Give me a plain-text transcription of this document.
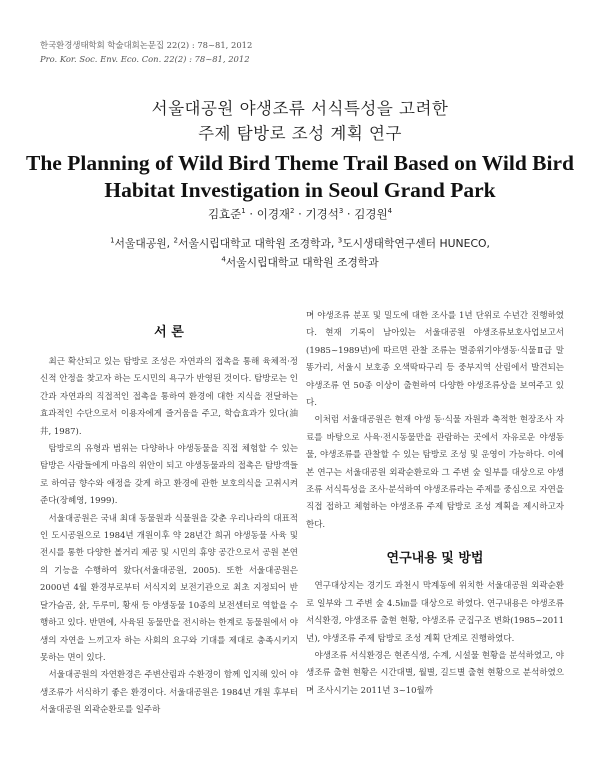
한국환경생태학회 학술대회논문집 22(2) : 78~81, 2012
Pro. Kor. Soc. Env. Eco. Con. 22(2) : 78~81, 2012
서울대공원 야생조류 서식특성을 고려한
주제 탐방로 조성 계획 연구
The Planning of Wild Bird Theme Trail Based on Wild Bird
Habitat Investigation in Seoul Grand Park
김효준$^1$ · 이경재$^2$ · 기경석$^3$ · 김경원$^4$
$^1$서울대공원, $^2$서울시립대학교 대학원 조경학과, $^3$도시생태학연구센터 HUNECO,
$^4$서울시립대학교 대학원 조경학과
서 론

최근 확산되고 있는 탐방로 조성은 자연과의 접촉을 통해 육체적·정신적 안정을 찾고자 하는 도시민의 욕구가 반영된 것이다. 탐방로는 인간과 자연과의 직접적인 접촉을 통하여 환경에 대한 지식을 전달하는 효과적인 수단으로서 이용자에게 즐거움을 주고, 학습효과가 있다(油井, 1987).

탐방로의 유형과 범위는 다양하나 야생동물을 직접 체험할 수 있는 탐방은 사람들에게 마음의 위안이 되고 야생동물과의 접촉은 탐방객들로 하여금 향수와 애정을 갖게 하고 환경에 관한 보호의식을 고취시켜 준다(장혜영, 1999).

서울대공원은 국내 최대 동물원과 식물원을 갖춘 우리나라의 대표적인 도시공원으로 1984년 개원이후 약 28년간 희귀 야생동물 사육 및 전시를 통한 다양한 볼거리 제공 및 시민의 휴양 공간으로서 공원 본연의 기능을 수행하여 왔다(서울대공원, 2005). 또한 서울대공원은 2000년 4월 환경부로부터 서식지외 보전기관으로 최초 지정되어 반달가슴곰, 삵, 두루미, 황새 등 야생동물 10종의 보전센터로 역할을 수행하고 있다. 반면에, 사육된 동물만을 전시하는 한계로 동물원에서 야생의 자연을 느끼고자 하는 사회의 요구와 기대를 제대로 충족시키지 못하는 면이 있다.

서울대공원의 자연환경은 주변산림과 수환경이 함께 입지해 있어 야생조류가 서식하기 좋은 환경이다. 서울대공원은 1984년 개원 후부터 서울대공원 외곽순환로를 일주하

며 야생조류 분포 및 밀도에 대한 조사를 1년 단위로 수년간 진행하였다. 현재 기록이 남아있는 서울대공원 야생조류보호사업보고서(1985~1989년)에 따르면 관찰 조류는 멸종위기야생동·식물Ⅱ급 말똥가리, 서울시 보호종 오색딱따구리 등 중부지역 산림에서 발견되는 야생조류 연 50종 이상이 출현하여 다양한 야생조류상을 보여주고 있다.

이처럼 서울대공원은 현재 야생 동·식물 자원과 축적한 현장조사 자료를 바탕으로 사육·전시동물만을 관람하는 곳에서 자유로운 야생동물, 야생조류를 관찰할 수 있는 탐방로 조성 및 운영이 가능하다. 이에 본 연구는 서울대공원 외곽순환로와 그 주변 숲 일부를 대상으로 야생조류 서식특성을 조사·분석하여 야생조류라는 주제를 중심으로 자연을 직접 접하고 체험하는 야생조류 주제 탐방로 조성 계획을 제시하고자 한다.

연구내용 및 방법

연구대상지는 경기도 과천시 막계동에 위치한 서울대공원 외곽순환로 일부와 그 주변 숲 4.5㎞를 대상으로 하였다. 연구내용은 야생조류 서식환경, 야생조류 출현 현황, 야생조류 군집구조 변화(1985~2011년), 야생조류 주제 탐방로 조성 계획 단계로 진행하였다.

야생조류 서식환경은 현존식생, 수계, 시설물 현황을 분석하였고, 야생조류 출현 현황은 시간대별, 월별, 길드별 출현 현황으로 분석하였으며 조사시기는 2011년 3~10월까
